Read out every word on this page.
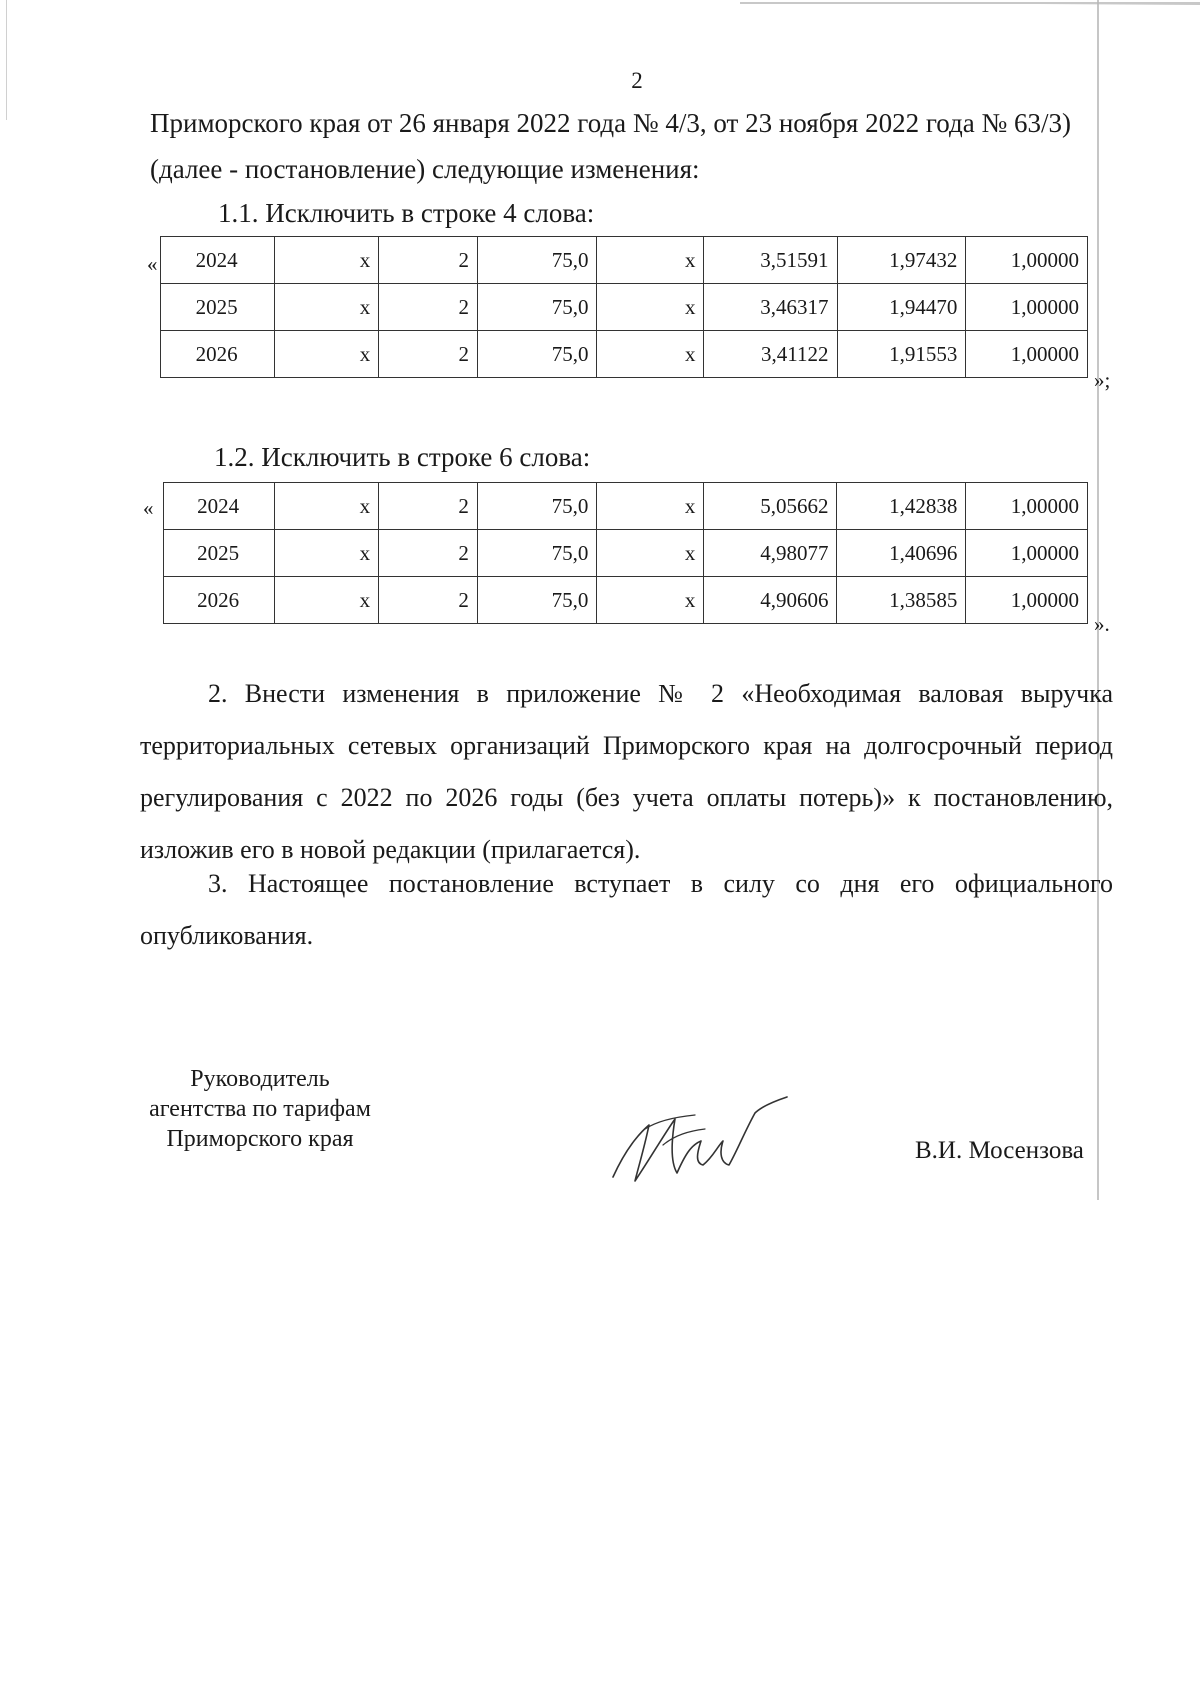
2
Приморского края от 26 января 2022 года № 4/3, от 23 ноября 2022 года № 63/3)
(далее - постановление) следующие изменения:
1.1. Исключить в строке 4 слова:
« 2024	x	2	75,0	x	3,51591	1,97432	1,00000
2025	x	2	75,0	x	3,46317	1,94470	1,00000
2026	x	2	75,0	x	3,41122	1,91553	1,00000
»;
1.2. Исключить в строке 6 слова:
« 2024	x	2	75,0	x	5,05662	1,42838	1,00000
2025	x	2	75,0	x	4,98077	1,40696	1,00000
2026	x	2	75,0	x	4,90606	1,38585	1,00000
».
2. Внести изменения в приложение № 2 «Необходимая валовая выручка территориальных сетевых организаций Приморского края на долгосрочный период регулирования с 2022 по 2026 годы (без учета оплаты потерь)» к постановлению, изложив его в новой редакции (прилагается).
3. Настоящее постановление вступает в силу со дня его официального опубликования.
Руководитель
агентства по тарифам
Приморского края	В.И. Мосензова
